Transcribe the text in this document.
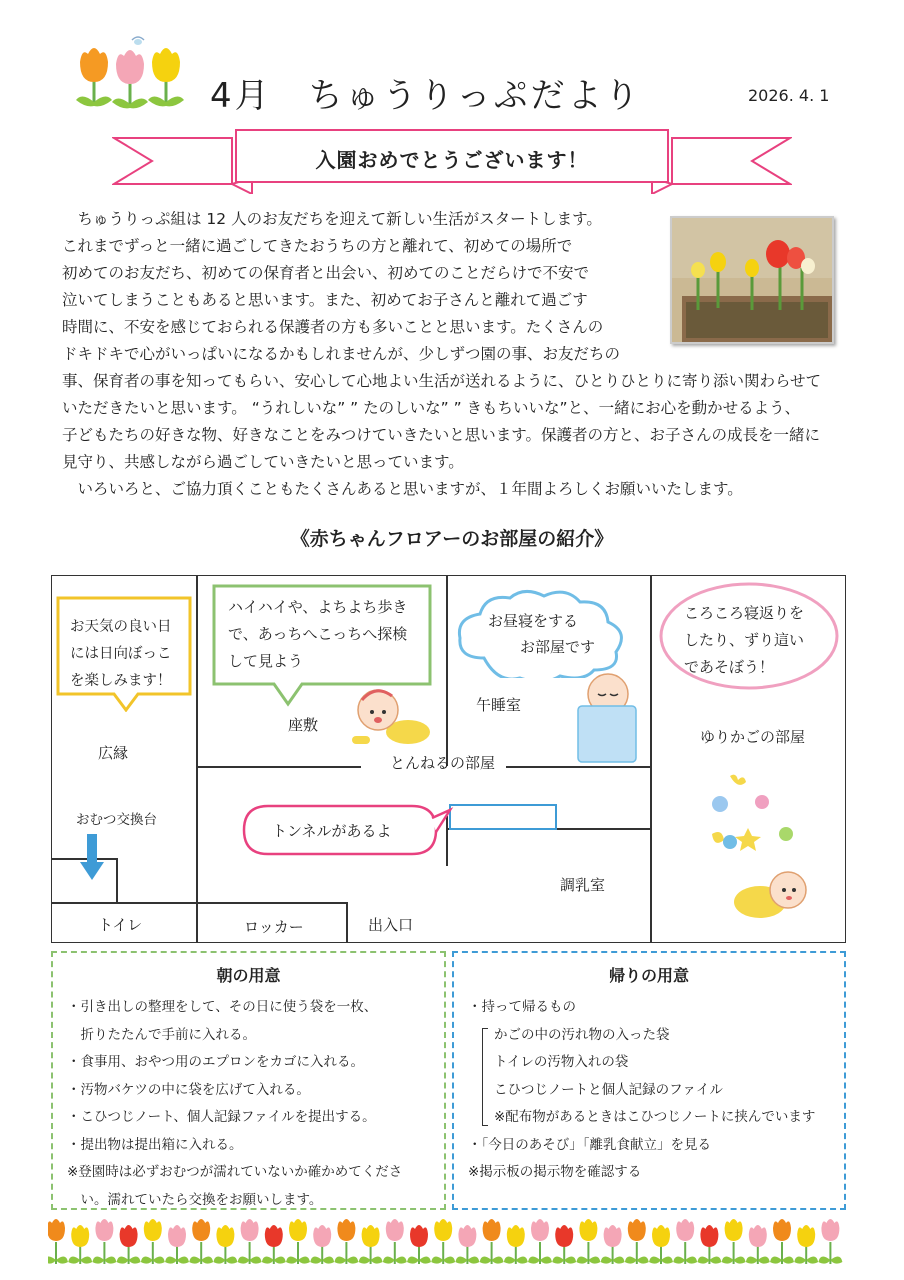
4月　ちゅうりっぷだより	2026. 4. 1
入園おめでとうございます！

　ちゅうりっぷ組は 12 人のお友だちを迎えて新しい生活がスタートします。

これまでずっと一緒に過ごしてきたおうちの方と離れて、初めての場所で

初めてのお友だち、初めての保育者と出会い、初めてのことだらけで不安で

泣いてしまうこともあると思います。また、初めてお子さんと離れて過ごす

時間に、不安を感じておられる保護者の方も多いことと思います。たくさんの

ドキドキで心がいっぱいになるかもしれませんが、少しずつ園の事、お友だちの

事、保育者の事を知ってもらい、安心して心地よい生活が送れるように、ひとりひとりに寄り添い関わらせて

いただきたいと思います。 “うれしいな” ” たのしいな” ” きもちいいな”と、一緒にお心を動かせるよう、

子どもたちの好きな物、好きなことをみつけていきたいと思います。保護者の方と、お子さんの成長を一緒に

見守り、共感しながら過ごしていきたいと思っています。

　いろいろと、ご協力頂くこともたくさんあると思いますが、１年間よろしくお願いいたします。

《赤ちゃんフロアーのお部屋の紹介》
お天気の良い日
には日向ぼっこ
を楽しみます！
ハイハイや、よちよち歩き
で、あっちへこっちへ探検
して見よう
お昼寝をする
お部屋です
ころころ寝返りを
したり、ずり這い
であそぼう！
トンネルがあるよ
広縁
おむつ交換台
トイレ
座敷
とんねるの部屋
午睡室
ゆりかごの部屋
ロッカー	出入口
調乳室
朝の用意
・引き出しの整理をして、その日に使う袋を一枚、
　折りたたんで手前に入れる。
・食事用、おやつ用のエプロンをカゴに入れる。
・汚物バケツの中に袋を広げて入れる。
・こひつじノート、個人記録ファイルを提出する。
・提出物は提出箱に入れる。
※登園時は必ずおむつが濡れていないか確かめてくださ
　い。濡れていたら交換をお願いします。
帰りの用意
・持って帰るもの
かごの中の汚れ物の入った袋
トイレの汚物入れの袋
こひつじノートと個人記録のファイル
※配布物があるときはこひつじノートに挟んでいます
・「今日のあそび」「離乳食献立」を見る
※掲示板の掲示物を確認する
